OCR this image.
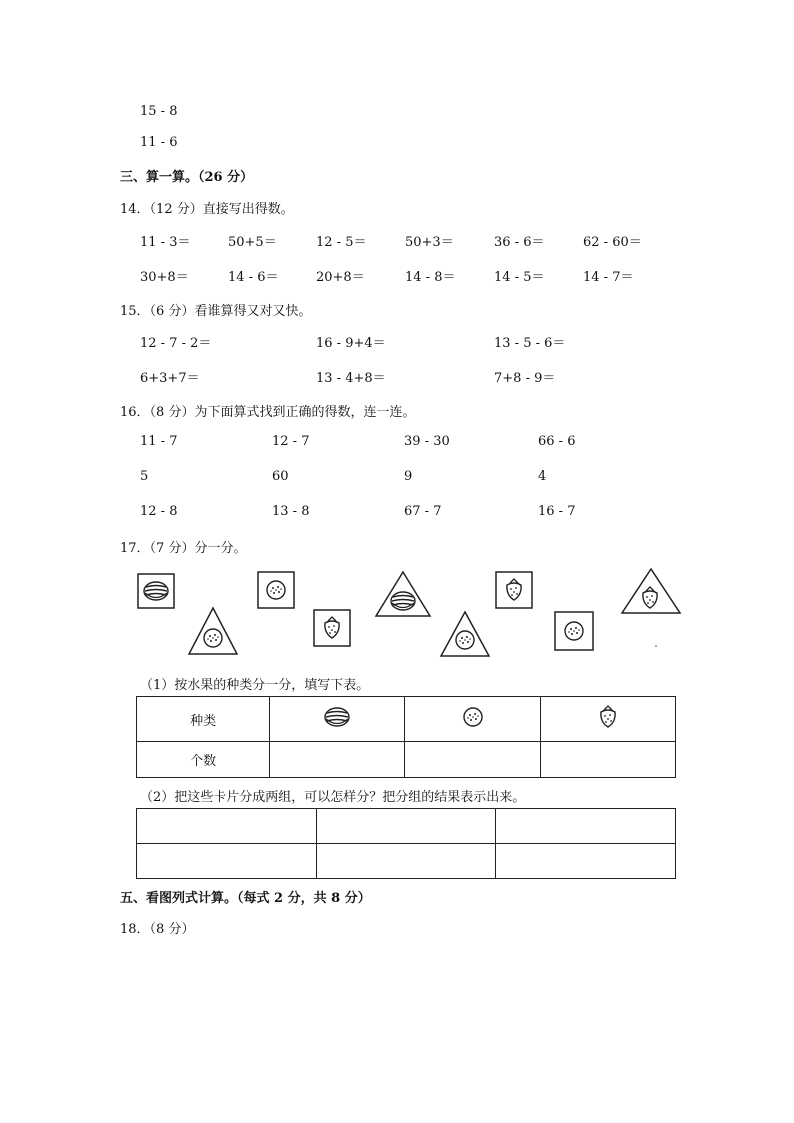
15 - 8
11 - 6
三、算一算。（26 分）
14．（12 分）直接写出得数。
11 - 3＝	50+5＝	12 - 5＝	50+3＝	36 - 6＝	62 - 60＝
30+8＝	14 - 6＝	20+8＝	14 - 8＝	14 - 5＝	14 - 7＝
15．（6 分）看谁算得又对又快。
12 - 7 - 2＝	16 - 9+4＝	13 - 5 - 6＝
6+3+7＝	13 - 4+8＝	7+8 - 9＝
16．（8 分）为下面算式找到正确的得数，连一连。
11 - 7	12 - 7	39 - 30	66 - 6
5	60	9	4
12 - 8	13 - 8	67 - 7	16 - 7
17．（7 分）分一分。
（1）按水果的种类分一分，填写下表。
种类			
个数			
（2）把这些卡片分成两组，可以怎样分？把分组的结果表示出来。

五、看图列式计算。（每式 2 分，共 8 分）
18．（8 分）
